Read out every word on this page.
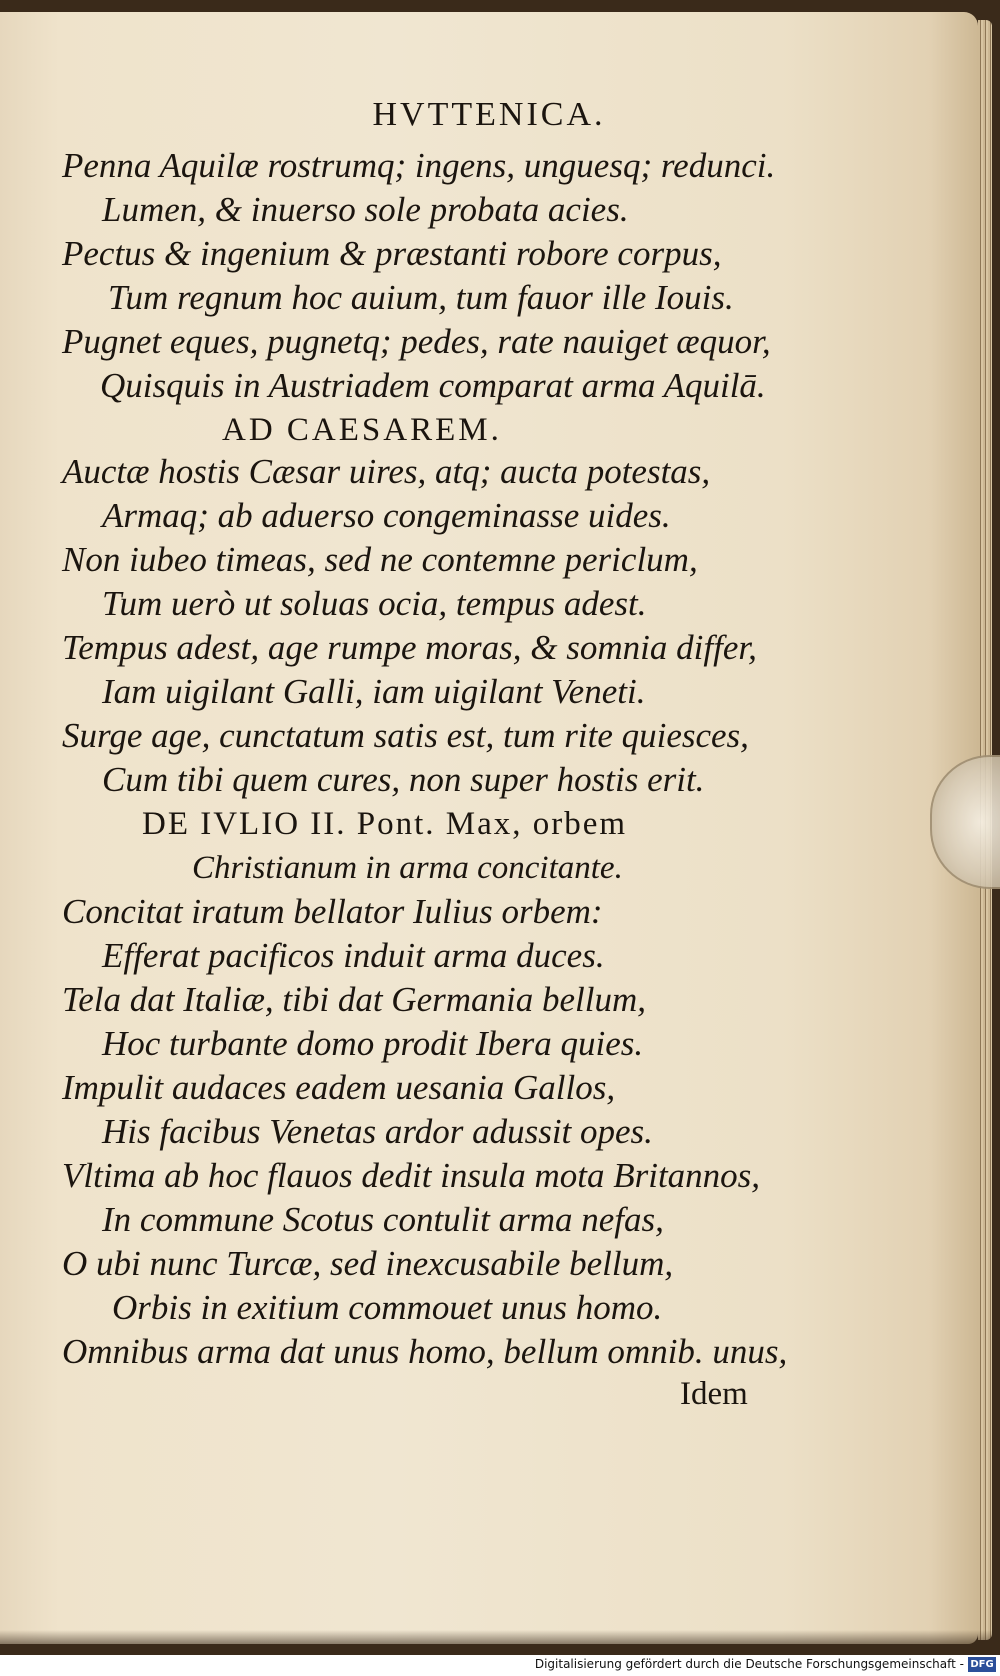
HVTTENICA.
Penna Aquilæ rostrumq; ingens, unguesq; redunci.
Lumen, & inuerso sole probata acies.
Pectus & ingenium & præstanti robore corpus,
Tum regnum hoc auium, tum fauor ille Iouis.
Pugnet eques, pugnetq; pedes, rate nauiget æquor,
Quisquis in Austriadem comparat arma Aquilā.
AD CAESAREM.
Auctæ hostis Cæsar uires, atq; aucta potestas,
Armaq; ab aduerso congeminasse uides.
Non iubeo timeas, sed ne contemne periclum,
Tum uerò ut soluas ocia, tempus adest.
Tempus adest, age rumpe moras, & somnia differ,
Iam uigilant Galli, iam uigilant Veneti.
Surge age, cunctatum satis est, tum rite quiesces,
Cum tibi quem cures, non super hostis erit.
DE IVLIO II. Pont. Max, orbem
Christianum in arma concitante.
Concitat iratum bellator Iulius orbem:
Efferat pacificos induit arma duces.
Tela dat Italiæ, tibi dat Germania bellum,
Hoc turbante domo prodit Ibera quies.
Impulit audaces eadem uesania Gallos,
His facibus Venetas ardor adussit opes.
Vltima ab hoc flauos dedit insula mota Britannos,
In commune Scotus contulit arma nefas,
O ubi nunc Turcæ, sed inexcusabile bellum,
Orbis in exitium commouet unus homo.
Omnibus arma dat unus homo, bellum omnib. unus,
Idem
Digitalisierung gefördert durch die Deutsche Forschungsgemeinschaft - DFG
